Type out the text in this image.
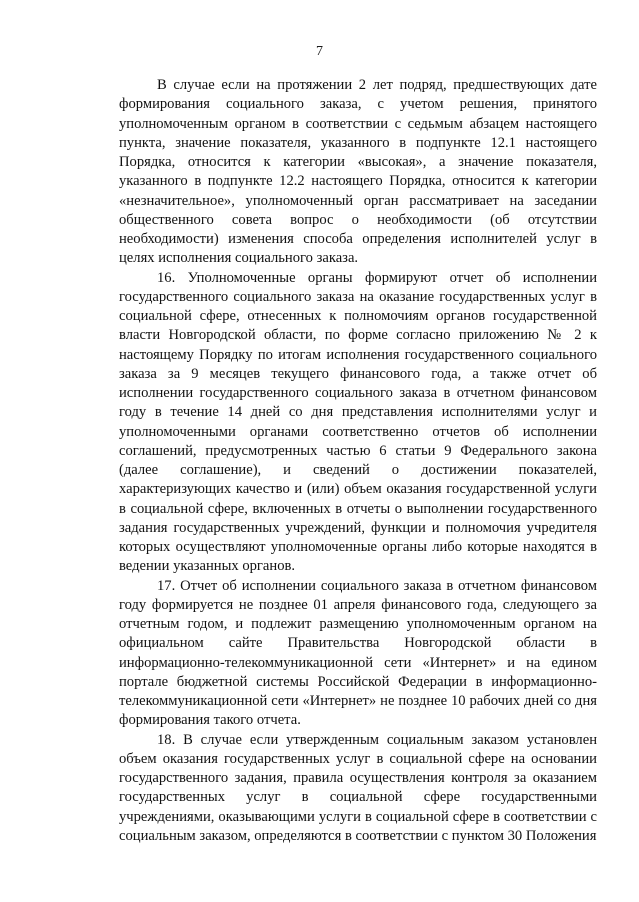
7

В случае если на протяжении 2 лет подряд, предшествующих дате формирования социального заказа, с учетом решения, принятого уполномоченным органом в соответствии с седьмым абзацем настоящего пункта, значение показателя, указанного в подпункте 12.1 настоящего Порядка, относится к категории «высокая», а значение показателя, указанного в подпункте 12.2 настоящего Порядка, относится к категории «незначительное», уполномоченный орган рассматривает на заседании общественного совета вопрос о необходимости (об отсутствии необходимости) изменения способа определения исполнителей услуг в целях исполнения социального заказа.

16. Уполномоченные органы формируют отчет об исполнении государственного социального заказа на оказание государственных услуг в социальной сфере, отнесенных к полномочиям органов государственной власти Новгородской области, по форме согласно приложению № 2 к настоящему Порядку по итогам исполнения государственного социального заказа за 9 месяцев текущего финансового года, а также отчет об исполнении государственного социального заказа в отчетном финансовом году в течение 14 дней со дня представления исполнителями услуг и уполномоченными органами соответственно отчетов об исполнении соглашений, предусмотренных частью 6 статьи 9 Федерального закона (далее соглашение), и сведений о достижении показателей, характеризующих качество и (или) объем оказания государственной услуги в социальной сфере, включенных в отчеты о выполнении государственного задания государственных учреждений, функции и полномочия учредителя которых осуществляют уполномоченные органы либо которые находятся в ведении указанных органов.

17. Отчет об исполнении социального заказа в отчетном финансовом году формируется не позднее 01 апреля финансового года, следующего за отчетным годом, и подлежит размещению уполномоченным органом на официальном сайте Правительства Новгородской области в информационно-телекоммуникационной сети «Интернет» и на едином портале бюджетной системы Российской Федерации в информационно-телекоммуникационной сети «Интернет» не позднее 10 рабочих дней со дня формирования такого отчета.

18. В случае если утвержденным социальным заказом установлен объем оказания государственных услуг в социальной сфере на основании государственного задания, правила осуществления контроля за оказанием государственных услуг в социальной сфере государственными учреждениями, оказывающими услуги в социальной сфере в соответствии с социальным заказом, определяются в соответствии с пунктом 30 Положения
